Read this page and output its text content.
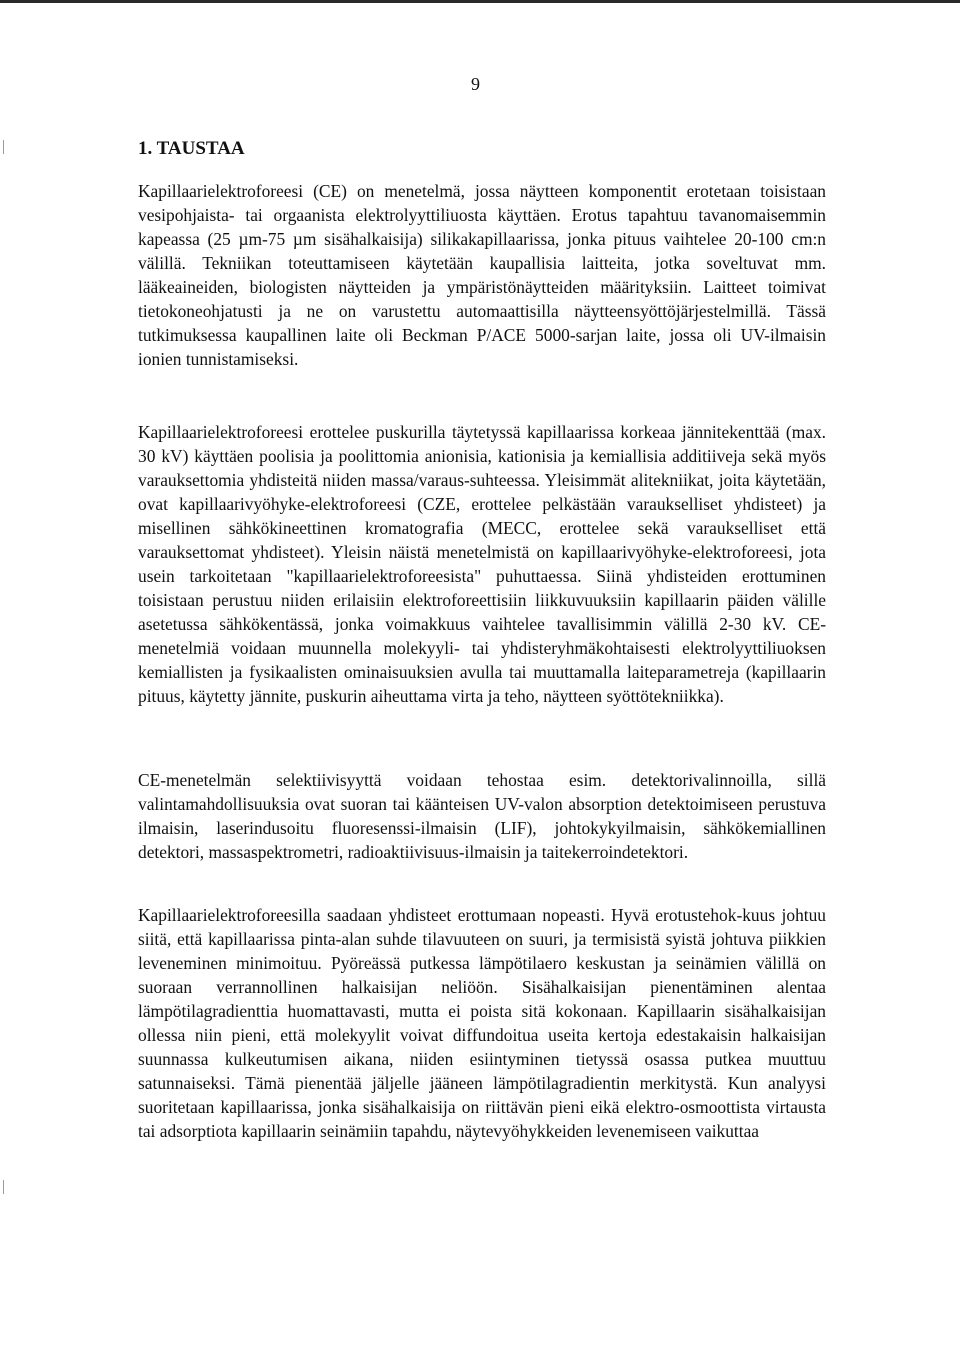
9
1. TAUSTAA

Kapillaarielektroforeesi (CE) on menetelmä, jossa näytteen komponentit erotetaan toisistaan vesipohjaista- tai orgaanista elektrolyyttiliuosta käyttäen. Erotus tapahtuu tavanomaisemmin kapeassa (25 µm-75 µm sisähalkaisija) silikakapillaarissa, jonka pituus vaihtelee 20-100 cm:n välillä. Tekniikan toteuttamiseen käytetään kaupallisia laitteita, jotka soveltuvat mm. lääkeaineiden, biologisten näytteiden ja ympäristönäytteiden määrityksiin. Laitteet toimivat tietokoneohjatusti ja ne on varustettu automaattisilla näytteensyöttöjärjestelmillä. Tässä tutkimuksessa kaupallinen laite oli Beckman P/ACE 5000-sarjan laite, jossa oli UV-ilmaisin ionien tunnistamiseksi.

Kapillaarielektroforeesi erottelee puskurilla täytetyssä kapillaarissa korkeaa jännitekenttää (max. 30 kV) käyttäen poolisia ja poolittomia anionisia, kationisia ja kemiallisia additiiveja sekä myös varauksettomia yhdisteitä niiden massa/varaus-suhteessa. Yleisimmät alitekniikat, joita käytetään, ovat kapillaarivyöhyke-elektroforeesi (CZE, erottelee pelkästään varaukselliset yhdisteet) ja misellinen sähkökineettinen kromatografia (MECC, erottelee sekä varaukselliset että varauksettomat yhdisteet). Yleisin näistä menetelmistä on kapillaarivyöhyke-elektroforeesi, jota usein tarkoitetaan "kapillaarielektroforeesista" puhuttaessa. Siinä yhdisteiden erottuminen toisistaan perustuu niiden erilaisiin elektroforeettisiin liikkuvuuksiin kapillaarin päiden välille asetetussa sähkökentässä, jonka voimakkuus vaihtelee tavallisimmin välillä 2-30 kV. CE-menetelmiä voidaan muunnella molekyyli- tai yhdisteryhmäkohtaisesti elektrolyyttiliuoksen kemiallisten ja fysikaalisten ominaisuuksien avulla tai muuttamalla laiteparametreja (kapillaarin pituus, käytetty jännite, puskurin aiheuttama virta ja teho, näytteen syöttötekniikka).

CE-menetelmän selektiivisyyttä voidaan tehostaa esim. detektorivalinnoilla, sillä valintamahdollisuuksia ovat suoran tai käänteisen UV-valon absorption detektoimiseen perustuva ilmaisin, laserindusoitu fluoresenssi-ilmaisin (LIF), johtokykyilmaisin, sähkökemiallinen detektori, massaspektrometri, radioaktiivisuus-ilmaisin ja taitekerroindetektori.

Kapillaarielektroforeesilla saadaan yhdisteet erottumaan nopeasti. Hyvä erotustehok-kuus johtuu siitä, että kapillaarissa pinta-alan suhde tilavuuteen on suuri, ja termisistä syistä johtuva piikkien leveneminen minimoituu. Pyöreässä putkessa lämpötilaero keskustan ja seinämien välillä on suoraan verrannollinen halkaisijan neliöön. Sisähalkaisijan pienentäminen alentaa lämpötilagradienttia huomattavasti, mutta ei poista sitä kokonaan. Kapillaarin sisähalkaisijan ollessa niin pieni, että molekyylit voivat diffundoitua useita kertoja edestakaisin halkaisijan suunnassa kulkeutumisen aikana, niiden esiintyminen tietyssä osassa putkea muuttuu satunnaiseksi. Tämä pienentää jäljelle jääneen lämpötilagradientin merkitystä. Kun analyysi suoritetaan kapillaarissa, jonka sisähalkaisija on riittävän pieni eikä elektro-osmoottista virtausta tai adsorptiota kapillaarin seinämiin tapahdu, näytevyöhykkeiden levenemiseen vaikuttaa
